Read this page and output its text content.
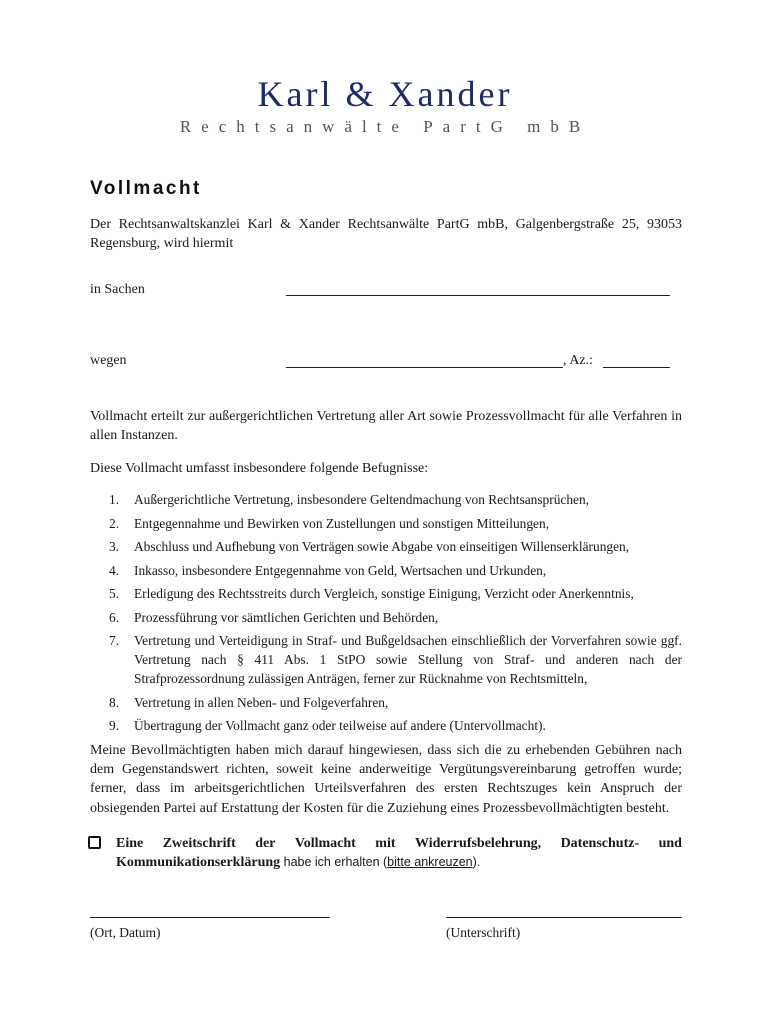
Karl & Xander
Rechtsanwälte PartG mbB
Vollmacht
Der Rechtsanwaltskanzlei Karl & Xander Rechtsanwälte PartG mbB, Galgenbergstraße 25, 93053 Regensburg, wird hiermit
in Sachen
wegen	, Az.:
Vollmacht erteilt zur außergerichtlichen Vertretung aller Art sowie Prozessvollmacht für alle Verfahren in allen Instanzen.
Diese Vollmacht umfasst insbesondere folgende Befugnisse:
1. Außergerichtliche Vertretung, insbesondere Geltendmachung von Rechtsansprüchen,
2. Entgegennahme und Bewirken von Zustellungen und sonstigen Mitteilungen,
3. Abschluss und Aufhebung von Verträgen sowie Abgabe von einseitigen Willenserklärungen,
4. Inkasso, insbesondere Entgegennahme von Geld, Wertsachen und Urkunden,
5. Erledigung des Rechtsstreits durch Vergleich, sonstige Einigung, Verzicht oder Anerkenntnis,
6. Prozessführung vor sämtlichen Gerichten und Behörden,
7. Vertretung und Verteidigung in Straf- und Bußgeldsachen einschließlich der Vorverfahren sowie ggf. Vertretung nach § 411 Abs. 1 StPO sowie Stellung von Straf- und anderen nach der Strafprozessordnung zulässigen Anträgen, ferner zur Rücknahme von Rechtsmitteln,
8. Vertretung in allen Neben- und Folgeverfahren,
9. Übertragung der Vollmacht ganz oder teilweise auf andere (Untervollmacht).
Meine Bevollmächtigten haben mich darauf hingewiesen, dass sich die zu erhebenden Gebühren nach dem Gegenstandswert richten, soweit keine anderweitige Vergütungsvereinbarung getroffen wurde; ferner, dass im arbeitsgerichtlichen Urteilsverfahren des ersten Rechtszuges kein Anspruch der obsiegenden Partei auf Erstattung der Kosten für die Zuziehung eines Prozessbevollmächtigten besteht.
Eine Zweitschrift der Vollmacht mit Widerrufsbelehrung, Datenschutz- und
Kommunikationserklärung habe ich erhalten (bitte ankreuzen).
(Ort, Datum)	(Unterschrift)
